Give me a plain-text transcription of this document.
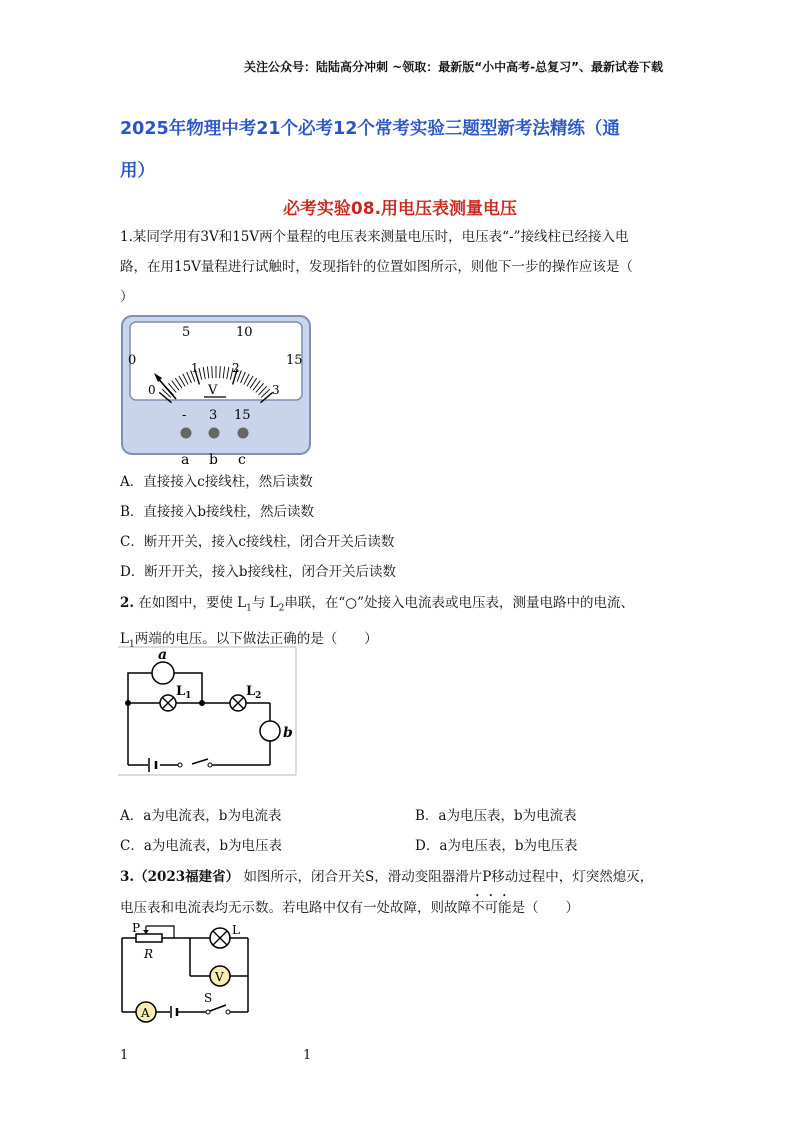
关注公众号：陆陆高分冲刺 ~领取：最新版“小中高考-总复习”、最新试卷下载
2025年物理中考21个必考12个常考实验三题型新考法精练（通
用）
必考实验08.用电压表测量电压
1.某同学用有3V和15V两个量程的电压表来测量电压时，电压表“-”接线柱已经接入电
路，在用15V量程进行试触时，发现指针的位置如图所示，则他下一步的操作应该是（
）
0
5	10
15
0
1	2
3
V
- 3 15
a b c
A．直接接入c接线柱，然后读数
B．直接接入b接线柱，然后读数
C．断开开关，接入c接线柱，闭合开关后读数
D．断开开关，接入b接线柱，闭合开关后读数
2. 在如图中，要使 $L_1$与 $L_2$串联，在“○”处接入电流表或电压表，测量电路中的电流、
$L_1$两端的电压。以下做法正确的是（　　）
a
$L_1$	$L_2$
b
A．a为电流表，b为电流表	B．a为电压表，b为电流表
C．a为电流表，b为电压表	D．a为电压表，b为电压表
3.（2023福建省） 如图所示，闭合开关S，滑动变阻器滑片P移动过程中，灯突然熄灭，
电压表和电流表均无示数。若电路中仅有一处故障，则故障不可能是（　　）
P
R
L
V
A
S
1	1
